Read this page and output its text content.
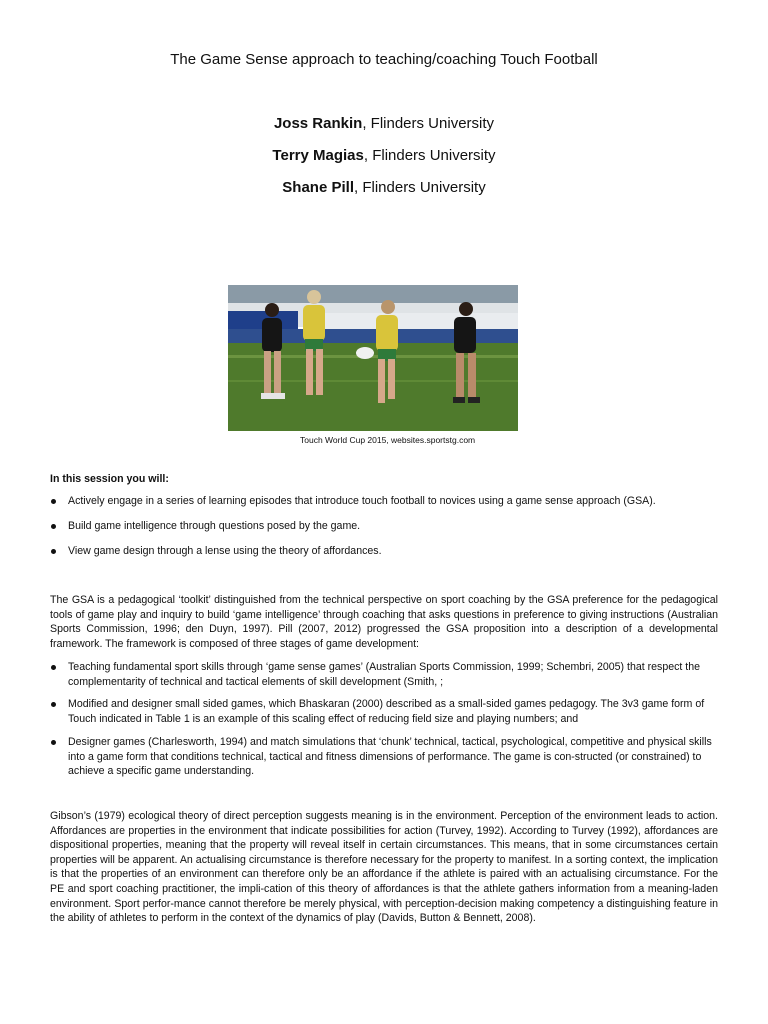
The Game Sense approach to teaching/coaching Touch Football
Joss Rankin, Flinders University
Terry Magias, Flinders University
Shane Pill, Flinders University
Touch World Cup 2015, websites.sportstg.com
In this session you will:
Actively engage in a series of learning episodes that introduce touch football to novices using a game sense approach (GSA).
Build game intelligence through questions posed by the game.
View game design through a lense using the theory of affordances.
The GSA is a pedagogical ‘toolkit’ distinguished from the technical perspective on sport coaching by the GSA preference for the pedagogical tools of game play and inquiry to build ‘game intelligence’ through coaching that asks questions in preference to giving instructions (Australian Sports Commission, 1996; den Duyn, 1997). Pill (2007, 2012) progressed the GSA proposition into a description of a developmental framework. The framework is composed of three stages of game development:
Teaching fundamental sport skills through ‘game sense games’ (Australian Sports Commission, 1999; Schembri, 2005) that respect the complementarity of technical and tactical elements of skill development (Smith, ;
Modified and designer small sided games, which Bhaskaran (2000) described as a small-sided games pedagogy. The 3v3 game form of Touch indicated in Table 1 is an example of this scaling effect of reducing field size and playing numbers; and
Designer games (Charlesworth, 1994) and match simulations that ‘chunk’ technical, tactical, psychological, competitive and physical skills into a game form that conditions technical, tactical and fitness dimensions of performance. The game is con-structed (or constrained) to achieve a specific game understanding.
Gibson’s (1979) ecological theory of direct perception suggests meaning is in the environment. Perception of the environment leads to action. Affordances are properties in the environment that indicate possibilities for action (Turvey, 1992). According to Turvey (1992), affordances are dispositional properties, meaning that the property will reveal itself in certain circumstances. This means, that in some circumstances certain properties will be apparent. An actualising circumstance is therefore necessary for the property to manifest. In a sorting context, the implication is that the properties of an environment can therefore only be an affordance if the athlete is paired with an actualising circumstance. For the PE and sport coaching practitioner, the impli-cation of this theory of affordances is that the athlete gathers information from a meaning-laden environment. Sport perfor-mance cannot therefore be merely physical, with perception-decision making competency a distinguishing feature in the ability of athletes to perform in the context of the dynamics of play (Davids, Button & Bennett, 2008).
